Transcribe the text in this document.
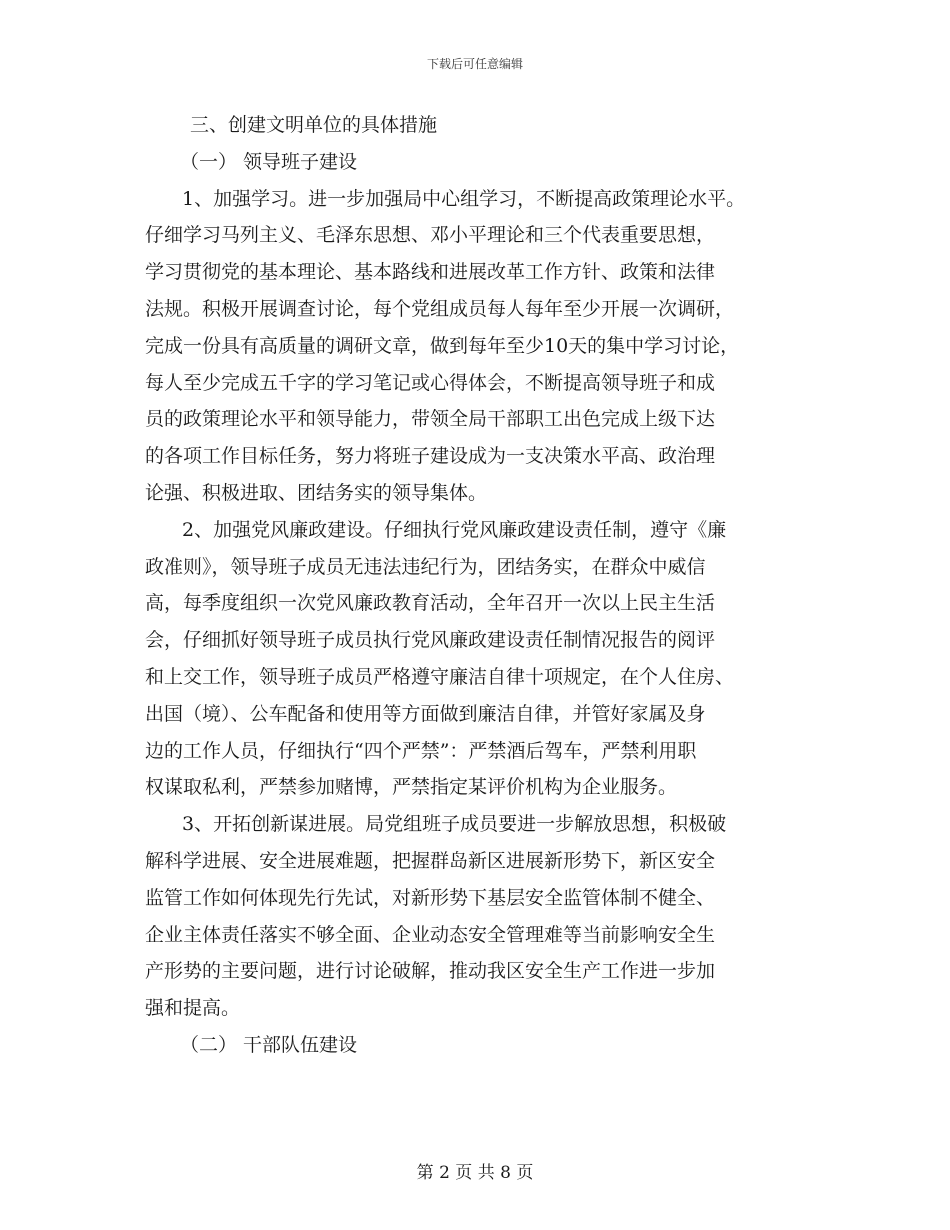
下载后可任意编辑

三、创建文明单位的具体措施

（一） 领导班子建设

1、加强学习。进一步加强局中心组学习，不断提高政策理论水平。

仔细学习马列主义、毛泽东思想、邓小平理论和三个代表重要思想，

学习贯彻党的基本理论、基本路线和进展改革工作方针、政策和法律

法规。积极开展调查讨论，每个党组成员每人每年至少开展一次调研，

完成一份具有高质量的调研文章，做到每年至少10天的集中学习讨论，

每人至少完成五千字的学习笔记或心得体会，不断提高领导班子和成

员的政策理论水平和领导能力，带领全局干部职工出色完成上级下达

的各项工作目标任务，努力将班子建设成为一支决策水平高、政治理

论强、积极进取、团结务实的领导集体。

2、加强党风廉政建设。仔细执行党风廉政建设责任制，遵守《廉

政准则》，领导班子成员无违法违纪行为，团结务实，在群众中威信

高，每季度组织一次党风廉政教育活动，全年召开一次以上民主生活

会，仔细抓好领导班子成员执行党风廉政建设责任制情况报告的阅评

和上交工作，领导班子成员严格遵守廉洁自律十项规定，在个人住房、

出国（境）、公车配备和使用等方面做到廉洁自律，并管好家属及身

边的工作人员，仔细执行“四个严禁”：严禁酒后驾车，严禁利用职

权谋取私利，严禁参加赌博，严禁指定某评价机构为企业服务。

3、开拓创新谋进展。局党组班子成员要进一步解放思想，积极破

解科学进展、安全进展难题，把握群岛新区进展新形势下，新区安全

监管工作如何体现先行先试，对新形势下基层安全监管体制不健全、

企业主体责任落实不够全面、企业动态安全管理难等当前影响安全生

产形势的主要问题，进行讨论破解，推动我区安全生产工作进一步加

强和提高。

（二） 干部队伍建设

第 2 页 共 8 页
